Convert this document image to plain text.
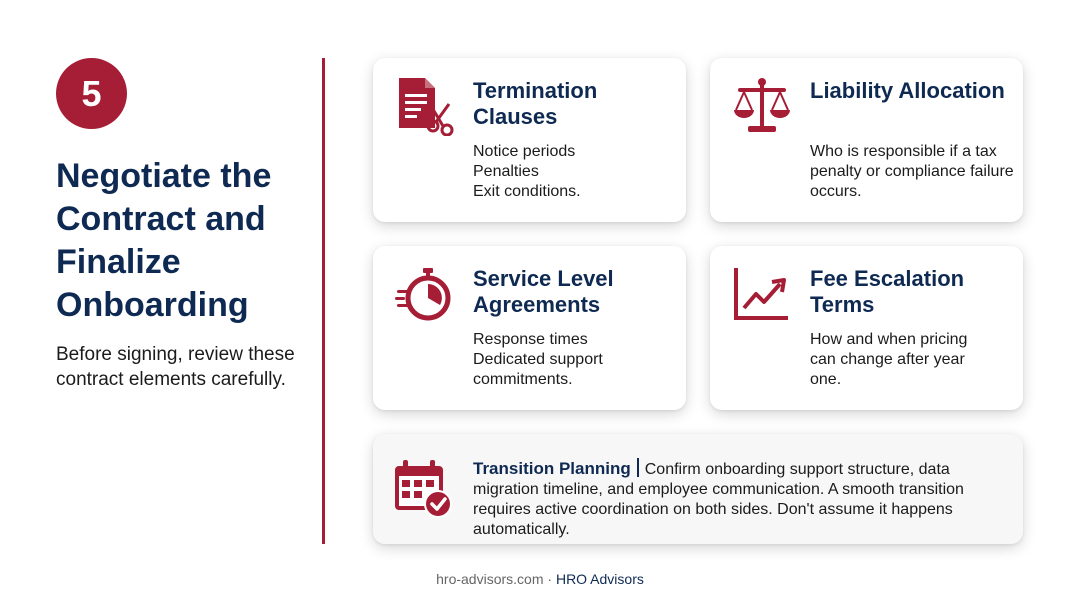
5
Negotiate the Contract and Finalize Onboarding

Before signing, review these contract elements carefully.

Termination Clauses
Notice periods
Penalties
Exit conditions.
Liability Allocation
Who is responsible if a tax penalty or compliance failure occurs.
Service Level Agreements
Response times
Dedicated support
commitments.
Fee Escalation Terms
How and when pricing can change after year one.
Transition Planning Confirm onboarding support structure, data migration timeline, and employee communication. A smooth transition requires active coordination on both sides. Don't assume it happens automatically.
hro-advisors.com · HRO Advisors
